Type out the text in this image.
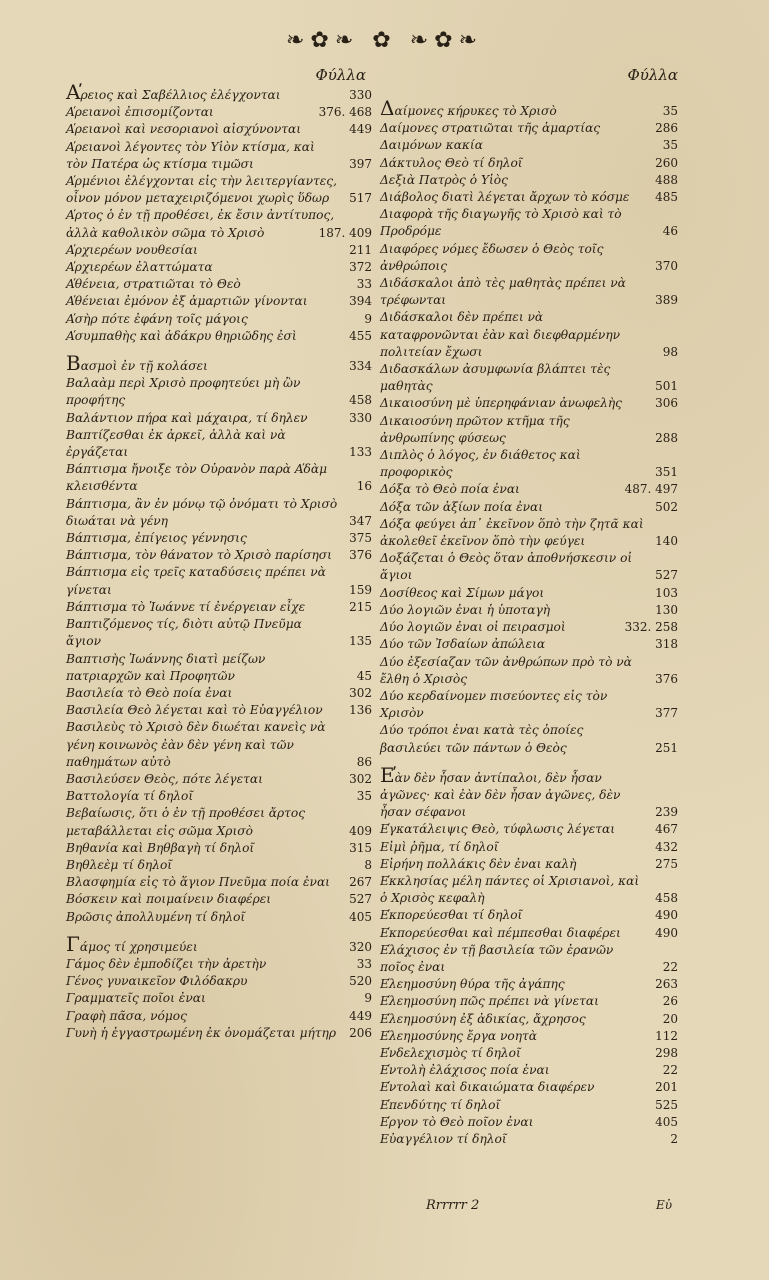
❧✿❧ ✿ ❧✿❧
Φύλλα
Α̕ρειος καὶ Σαβέλλιος ἐλέγχονται	330
Α̕ρειανοὶ ἐπισομίζονται	376. 468
Α̕ρειανοὶ καὶ νεσοριανοὶ αἰσχύνονται	449
Α̕ρειανοὶ λέγοντες τὸν Υἱὸν κτίσμα, καὶ τὸν Πατέρα ὡς κτίσμα τιμῶσι	397
Α̕ρμένιοι ἐλέγχονται εἰς τὴν λειτεργίαντες, οἶνον μόνον μεταχειριζόμενοι χωρὶς ὕδωρ 517
Α̕ρτος ὁ ἐν τῇ προθέσει, ἐκ ἔσιν ἀντίτυπος, ἀλλὰ καθολικὸν σῶμα τὸ Χρισὸ	187. 409
Α̕ρχιερέων νουθεσίαι	211
Α̕ρχιερέων ἐλαττώματα	372
Α̕θένεια, στρατιῶται τὸ Θεὸ	33
Α̕θένειαι ἐμόνον ἐξ ἁμαρτιῶν γίνονται	394
Α̕σὴρ πότε ἐφάνη τοῖς μάγοις	9
Α̕συμπαθὴς καὶ ἀδάκρυ θηριῶδης ἐσὶ	455
Βασμοὶ ἐν τῇ κολάσει	334
Βαλαὰμ περὶ Χρισὸ προφητεύει μὴ ὢν προφήτης	458
Βαλάντιον πήρα καὶ μάχαιρα, τί δηλεν	330
Βαπτίζεσθαι ἐκ ἀρκεῖ, ἀλλὰ καὶ νὰ ἐργάζεται	133
Βάπτισμα ἤνοιξε τὸν Οὐρανὸν παρὰ Α̕δὰμ κλεισθέντα	16
Βάπτισμα, ἂν ἐν μόνῳ τῷ ὀνόματι τὸ Χρισὸ διωάται νὰ γένη	347
Βάπτισμα, ἐπίγειος γέννησις	375
Βάπτισμα, τὸν θάνατον τὸ Χρισὸ παρίσησι 376
Βάπτισμα εἰς τρεῖς καταδύσεις πρέπει νὰ γίνεται	159
Βάπτισμα τὸ Ἰωάννε τί ἐνέργειαν εἶχε	215
Βαπτιζόμενος τίς, διὸτι αὐτῷ Πνεῦμα ἅγιον	135
Βαπτισὴς Ἰωάννης διατὶ μείζων πατριαρχῶν καὶ Προφητῶν	45
Βασιλεία τὸ Θεὸ ποία ἐναι	302
Βασιλεία Θεὸ λέγεται καὶ τὸ Εὐαγγέλιον 136
Βασιλεὺς τὸ Χρισὸ δὲν διωέται κανεὶς νὰ γένη κοινωνὸς ἐὰν δὲν γένη καὶ τῶν παθημάτων αὐτὸ	86
Βασιλεύσεν Θεὸς, πότε λέγεται	302
Βαττολογία τί δηλοῖ	35
Βεβαίωσις, ὅτι ὁ ἐν τῇ προθέσει ἄρτος μεταβάλλεται εἰς σῶμα Χρισὸ	409
Βηθανία καὶ Βηθβαγὴ τί δηλοῖ	315
Βηθλεὲμ τί δηλοῖ	8
Βλασφημία εἰς τὸ ἅγιον Πνεῦμα ποία ἐναι 267
Βόσκειν καὶ ποιμαίνειν διαφέρει	527
Βρῶσις ἀπολλυμένη τί δηλοῖ	405
Γάμος τί χρησιμεύει	320
Γάμος δὲν ἐμποδίζει τὴν ἀρετὴν	33
Γένος γυναικεῖον Φιλόδακρυ	520
Γραμματεῖς ποῖοι ἐναι	9
Γραφὴ πᾶσα, νόμος	449
Γυνὴ ἡ ἐγγαστρωμένη ἐκ ὀνομάζεται μήτηρ 206
Φύλλα
Δαίμονες κήρυκες τὸ Χρισὸ	35
Δαίμονες στρατιῶται τῆς ἁμαρτίας	286
Δαιμόνων κακία	35
Δάκτυλος Θεὸ τί δηλοῖ	260
Δεξιὰ Πατρὸς ὁ Υἱὸς	488
Διάβολος διατὶ λέγεται ἄρχων τὸ κόσμε 485
Διαφορὰ τῆς διαγωγῆς τὸ Χρισὸ καὶ τὸ Προδρόμε	46
Διαφόρες νόμες ἔδωσεν ὁ Θεὸς τοῖς ἀνθρώποις	370
Διδάσκαλοι ἀπὸ τὲς μαθητὰς πρέπει νὰ τρέφωνται	389
Διδάσκαλοι δὲν πρέπει νὰ καταφρονῶνται ἐὰν καὶ διεφθαρμένην πολιτείαν ἔχωσι	98
Διδασκάλων ἀσυμφωνία βλάπτει τὲς μαθητὰς	501
Δικαιοσύνη μὲ ὑπερηφάνιαν ἀνωφελὴς	306
Δικαιοσύνη πρῶτον κτῆμα τῆς ἀνθρωπίνης φύσεως	288
Διπλὸς ὁ λόγος, ἐν διάθετος καὶ προφορικὸς	351
Δόξα τὸ Θεὸ ποία ἐναι	487. 497
Δόξα τῶν ἀξίων ποία ἐναι	502
Δόξα φεύγει ἀπ᾽ ἐκεῖνον ὅπὸ τὴν ζητᾶ καὶ ἀκολεθεῖ ἐκεῖνον ὅπὸ τὴν φεύγει	140
Δοξάζεται ὁ Θεὸς ὅταν ἀποθνήσκεσιν οἱ ἅγιοι	527
Δοσίθεος καὶ Σίμων μάγοι	103
Δύο λογιῶν ἐναι ἡ ὑποταγὴ	130
Δύο λογιῶν ἐναι οἱ πειρασμοὶ	332. 258
Δύο τῶν Ἰσδαίων ἀπώλεια	318
Δύο ἐξεσίαζαν τῶν ἀνθρώπων πρὸ τὸ νὰ ἔλθη ὁ Χρισὸς	376
Δύο κερδαίνομεν πισεύοντες εἰς τὸν Χρισὸν	377
Δύο τρόποι ἐναι κατὰ τὲς ὁποίες βασιλεύει τῶν πάντων ὁ Θεὸς	251
Ε̕ὰν δὲν ἦσαν ἀντίπαλοι, δὲν ἦσαν ἀγῶνες· καὶ ἐὰν δὲν ἦσαν ἀγῶνες, δὲν ἦσαν σέφανοι	239
Ε̕γκατάλειψις Θεὸ, τύφλωσις λέγεται	467
Εἰμὶ ῥῆμα, τί δηλοῖ	432
Εἰρήνη πολλάκις δὲν ἐναι καλὴ	275
Ε̕κκλησίας μέλη πάντες οἱ Χρισιανοὶ, καὶ ὁ Χρισὸς κεφαλὴ	458
Ε̕κπορεύεσθαι τί δηλοῖ	490
Ε̕κπορεύεσθαι καὶ πέμπεσθαι διαφέρει	490
Ε̕λάχισος ἐν τῇ βασιλεία τῶν ἐρανῶν ποῖος ἐναι	22
Ε̕λεημοσύνη θύρα τῆς ἀγάπης	263
Ε̕λεημοσύνη πῶς πρέπει νὰ γίνεται	26
Ε̕λεημοσύνη ἐξ ἀδικίας, ἄχρησος	20
Ε̕λεημοσύνης ἔργα νοητὰ	112
Ε̕νδελεχισμὸς τί δηλοῖ	298
Ε̕ντολὴ ἐλάχισος ποία ἐναι	22
Ε̕ντολαὶ καὶ δικαιώματα διαφέρεν	201
Ε̕πενδύτης τί δηλοῖ	525
Ε̕ργον τὸ Θεὸ ποῖον ἐναι	405
Εὐαγγέλιον τί δηλοῖ	2
Rrrrrr 2	Εὐ
